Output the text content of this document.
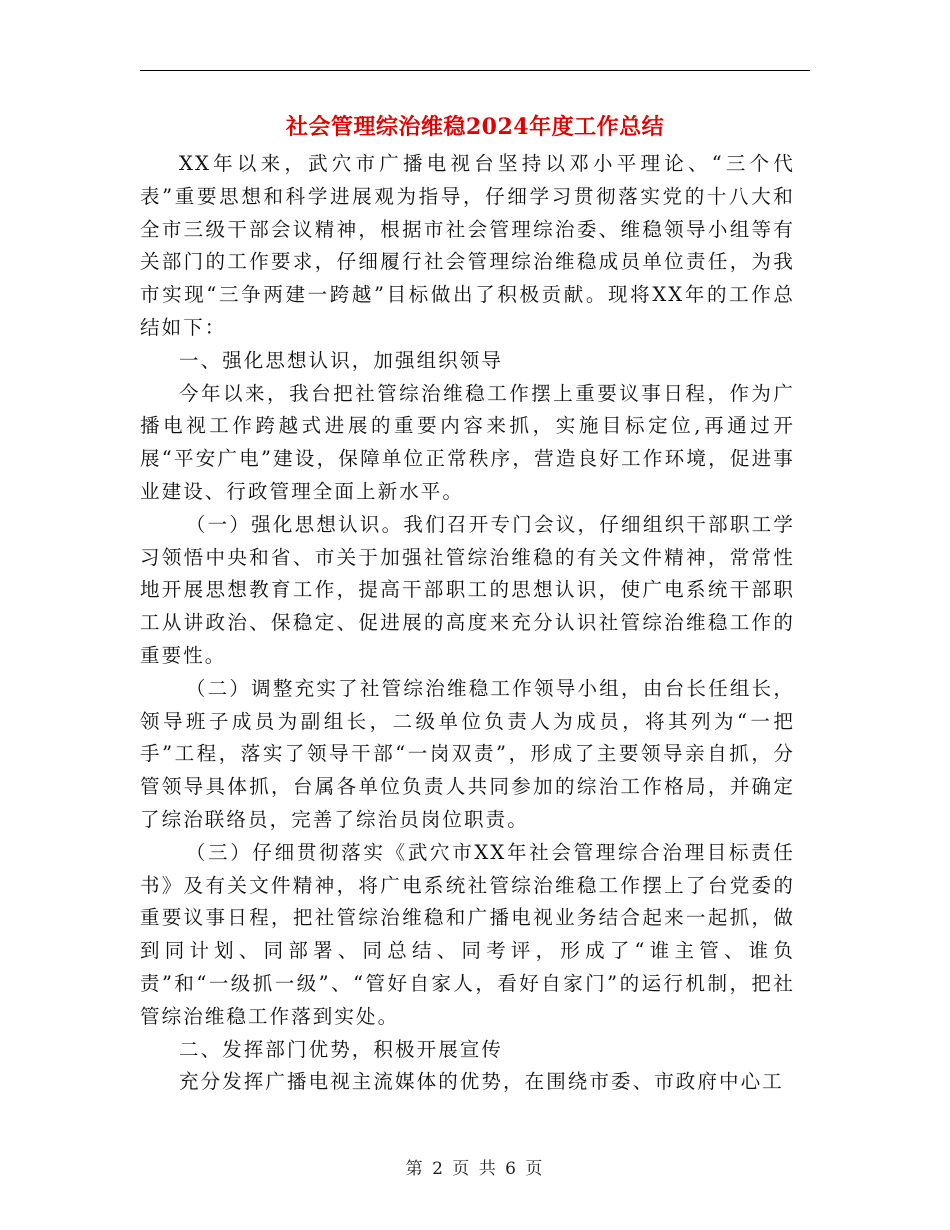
社会管理综治维稳2024年度工作总结

XX年以来，武穴市广播电视台坚持以邓小平理论、“三个代表”重要思想和科学进展观为指导，仔细学习贯彻落实党的十八大和全市三级干部会议精神，根据市社会管理综治委、维稳领导小组等有关部门的工作要求，仔细履行社会管理综治维稳成员单位责任，为我市实现“三争两建一跨越”目标做出了积极贡献。现将XX年的工作总结如下：

一、强化思想认识，加强组织领导

今年以来，我台把社管综治维稳工作摆上重要议事日程，作为广播电视工作跨越式进展的重要内容来抓，实施目标定位,再通过开展“平安广电”建设，保障单位正常秩序，营造良好工作环境，促进事业建设、行政管理全面上新水平。

（一）强化思想认识。我们召开专门会议，仔细组织干部职工学习领悟中央和省、市关于加强社管综治维稳的有关文件精神，常常性地开展思想教育工作，提高干部职工的思想认识，使广电系统干部职工从讲政治、保稳定、促进展的高度来充分认识社管综治维稳工作的重要性。

（二）调整充实了社管综治维稳工作领导小组，由台长任组长，领导班子成员为副组长，二级单位负责人为成员，将其列为“一把手”工程，落实了领导干部“一岗双责”，形成了主要领导亲自抓，分管领导具体抓，台属各单位负责人共同参加的综治工作格局，并确定了综治联络员，完善了综治员岗位职责。

（三）仔细贯彻落实《武穴市XX年社会管理综合治理目标责任书》及有关文件精神，将广电系统社管综治维稳工作摆上了台党委的重要议事日程，把社管综治维稳和广播电视业务结合起来一起抓，做到同计划、同部署、同总结、同考评，形成了“谁主管、谁负责”和“一级抓一级”、“管好自家人，看好自家门”的运行机制，把社管综治维稳工作落到实处。

二、发挥部门优势，积极开展宣传

充分发挥广播电视主流媒体的优势，在围绕市委、市政府中心工

第 2 页 共 6 页
